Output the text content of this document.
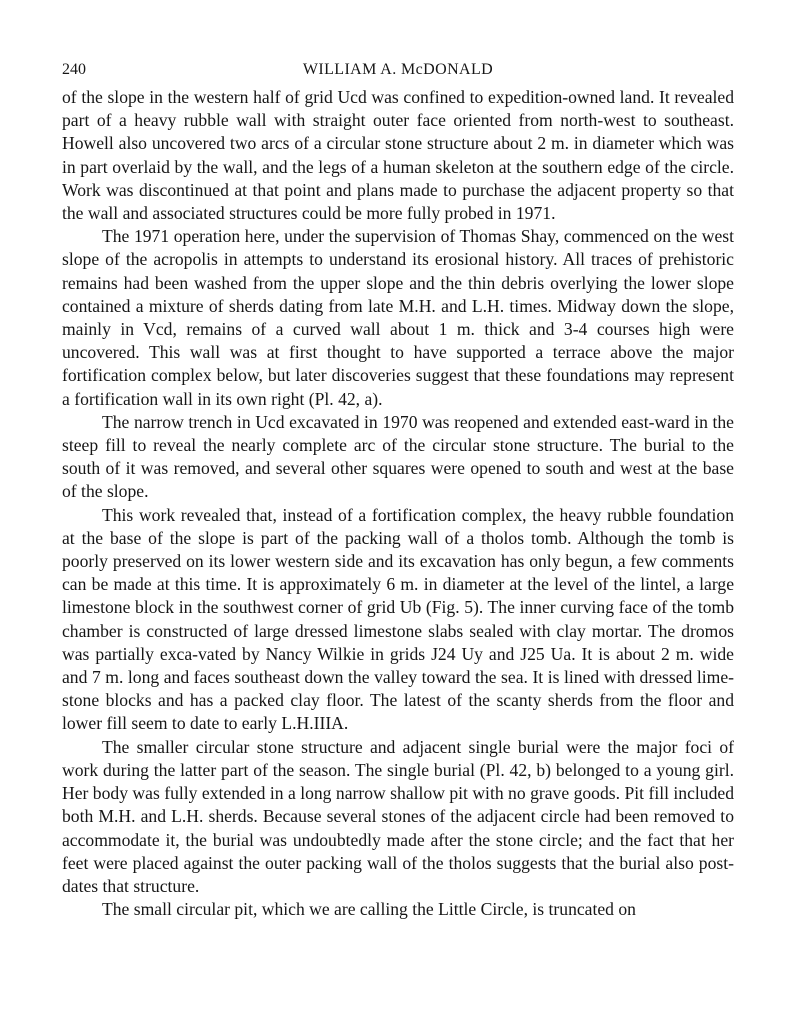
240	WILLIAM A. McDONALD

of the slope in the western half of grid Ucd was confined to expedition-owned land. It revealed part of a heavy rubble wall with straight outer face oriented from north-west to southeast. Howell also uncovered two arcs of a circular stone structure about 2 m. in diameter which was in part overlaid by the wall, and the legs of a human skeleton at the southern edge of the circle. Work was discontinued at that point and plans made to purchase the adjacent property so that the wall and associated structures could be more fully probed in 1971.

The 1971 operation here, under the supervision of Thomas Shay, commenced on the west slope of the acropolis in attempts to understand its erosional history. All traces of prehistoric remains had been washed from the upper slope and the thin debris overlying the lower slope contained a mixture of sherds dating from late M.H. and L.H. times. Midway down the slope, mainly in Vcd, remains of a curved wall about 1 m. thick and 3-4 courses high were uncovered. This wall was at first thought to have supported a terrace above the major fortification complex below, but later discoveries suggest that these foundations may represent a fortification wall in its own right (Pl. 42, a).

The narrow trench in Ucd excavated in 1970 was reopened and extended east-ward in the steep fill to reveal the nearly complete arc of the circular stone structure. The burial to the south of it was removed, and several other squares were opened to south and west at the base of the slope.

This work revealed that, instead of a fortification complex, the heavy rubble foundation at the base of the slope is part of the packing wall of a tholos tomb. Although the tomb is poorly preserved on its lower western side and its excavation has only begun, a few comments can be made at this time. It is approximately 6 m. in diameter at the level of the lintel, a large limestone block in the southwest corner of grid Ub (Fig. 5). The inner curving face of the tomb chamber is constructed of large dressed limestone slabs sealed with clay mortar. The dromos was partially exca-vated by Nancy Wilkie in grids J24 Uy and J25 Ua. It is about 2 m. wide and 7 m. long and faces southeast down the valley toward the sea. It is lined with dressed lime-stone blocks and has a packed clay floor. The latest of the scanty sherds from the floor and lower fill seem to date to early L.H.IIIA.

The smaller circular stone structure and adjacent single burial were the major foci of work during the latter part of the season. The single burial (Pl. 42, b) belonged to a young girl. Her body was fully extended in a long narrow shallow pit with no grave goods. Pit fill included both M.H. and L.H. sherds. Because several stones of the adjacent circle had been removed to accommodate it, the burial was undoubtedly made after the stone circle; and the fact that her feet were placed against the outer packing wall of the tholos suggests that the burial also post-dates that structure.

The small circular pit, which we are calling the Little Circle, is truncated on
